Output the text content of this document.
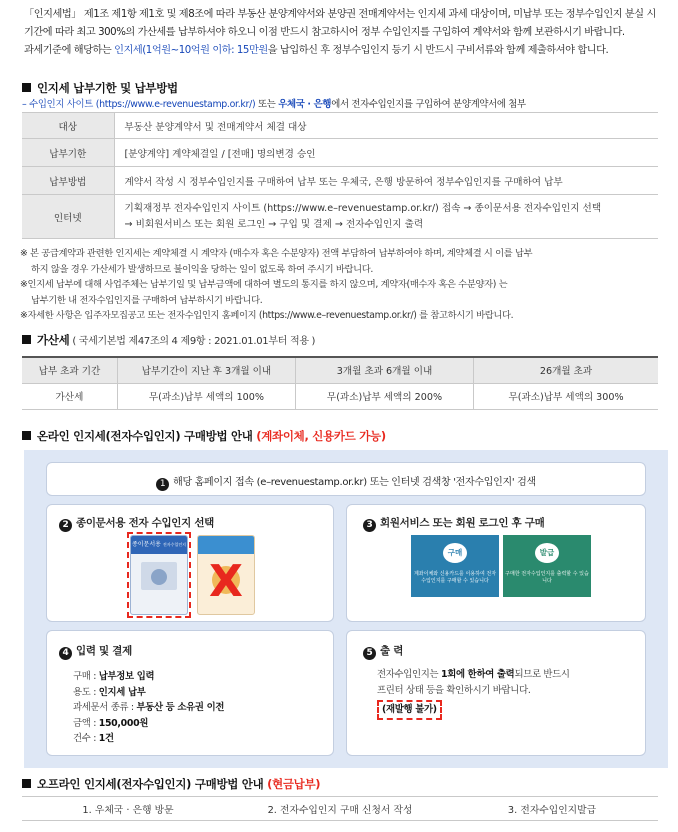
「인지세법」 제1조 제1항 제1호 및 제8조에 따라 부동산 분양계약서와 분양권 전매계약서는 인지세 과세 대상이며, 미납부 또는 정부수입인지 분실 시
기간에 따라 최고 300%의 가산세를 납부하셔야 하오니 이점 반드시 참고하시어 정부 수입인지를 구입하여 계약서와 함께 보관하시기 바랍니다.
과세기준에 해당하는 인지세(1억원~10억원 이하: 15만원을 납입하신 후 정부수입인지 등기 시 반드시 구비서류와 함께 제출하셔야 합니다.
인지세 납부기한 및 납부방법
– 수입인지 사이트 (https://www.e-revenuestamp.or.kr/) 또는 우체국 · 은행에서 전자수입인지를 구입하여 분양계약서에 첨부
대상	부동산 분양계약서 및 전매계약서 체결 대상
납부기한	[분양계약] 계약체결일 / [전매] 명의변경 승인
납부방법	계약서 작성 시 정부수입인지를 구매하여 납부 또는 우체국, 은행 방문하여 정부수입인지를 구매하여 납부
인터넷	기획재정부 전자수입인지 사이트 (https://www.e–revenuestamp.or.kr/) 접속 → 종이문서용 전자수입인지 선택
→ 비회원서비스 또는 회원 로그인 → 구입 및 결제 → 전자수입인지 출력
※ 본 공급계약과 관련한 인지세는 계약체결 시 계약자 (매수자 혹은 수분양자) 전액 부담하여 납부하여야 하며, 계약체결 시 이를 납부
하지 않을 경우 가산세가 발생하므로 불이익을 당하는 일이 없도록 하여 주시기 바랍니다.
※인지세 납부에 대해 사업주체는 납부기일 및 납부금액에 대하여 별도의 통지를 하지 않으며, 계약자(매수자 혹은 수분양자) 는
납부기한 내 전자수입인지를 구매하여 납부하시기 바랍니다.
※자세한 사항은 입주자모집공고 또는 전자수입인지 홈페이지 (https://www.e–revenuestamp.or.kr/) 를 참고하시기 바랍니다.
가산세 ( 국세기본법 제47조의 4 제9항 : 2021.01.01부터 적용 )
납부 초과 기간	납부기간이 지난 후 3개월 이내	3개월 초과 6개월 이내	26개월 초과
가산세	무(과소)납부 세액의 100%	무(과소)납부 세액의 200%	무(과소)납부 세액의 300%
온라인 인지세(전자수입인지) 구매방법 안내 (계좌이체, 신용카드 가능)
1 해당 홈페이지 접속 (e–revenuestamp.or.kr) 또는 인터넷 검색창 '전자수입인지' 검색
2 종이문서용 전자 수입인지 선택
종이문서용 전자수입인지
X
3 회원서비스 또는 회원 로그인 후 구매
구매
계좌이체와 신용카드를 이용하여 전자수입인지를 구매할 수 있습니다
발급
구매한 전자수입인지를 출력할 수 있습니다
4 입력 및 결제
구매 : 납부정보 입력
용도 : 인지세 납부
과세문서 종류 : 부동산 등 소유권 이전
금액 : 150,000원
건수 : 1건
5 출 력
전자수입인지는 1회에 한하여 출력되므로 반드시
프린터 상태 등을 확인하시기 바랍니다.
(재발행 불가)
오프라인 인지세(전자수입인지) 구매방법 안내 (현금납부)
1. 우체국 · 은행 방문	2. 전자수입인지 구매 신청서 작성	3. 전자수입인지발급
